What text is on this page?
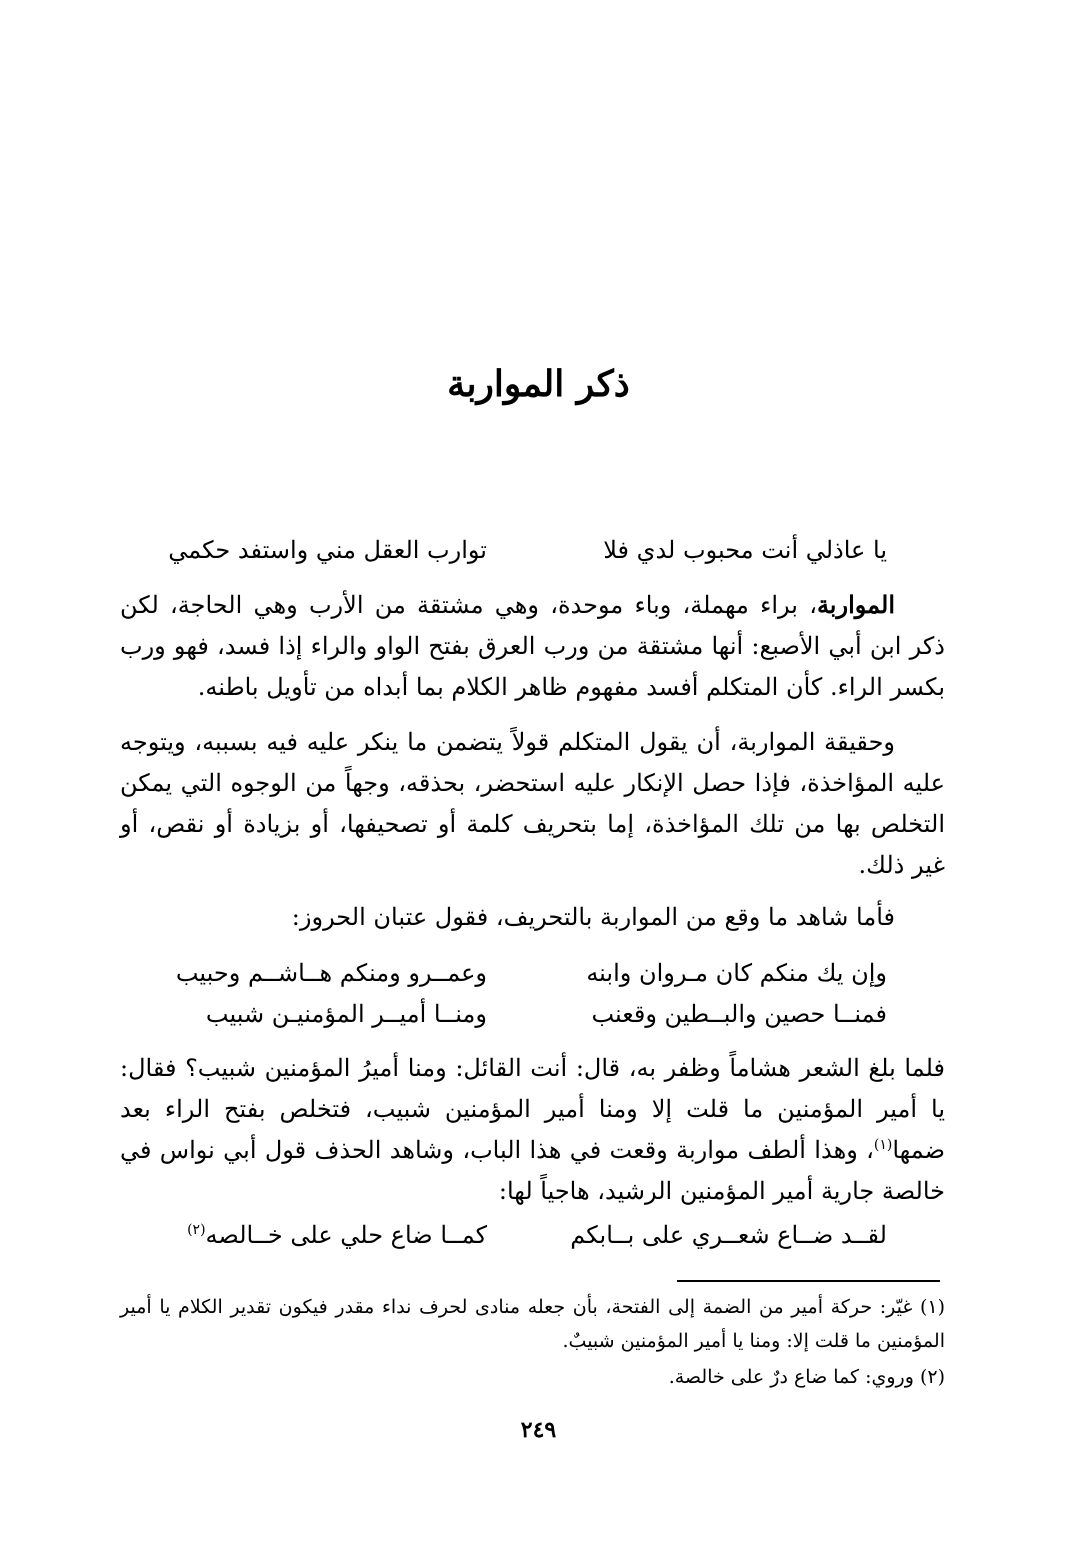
ذكر المواربة
يا عاذلي أنت محبوب لدي فلا
توارب العقل مني واستفد حكمي

المواربة، براء مهملة، وباء موحدة، وهي مشتقة من الأرب وهي الحاجة، لكن ذكر ابن أبي الأصبع: أنها مشتقة من ورب العرق بفتح الواو والراء إذا فسد، فهو ورب بكسر الراء. كأن المتكلم أفسد مفهوم ظاهر الكلام بما أبداه من تأويل باطنه.

وحقيقة المواربة، أن يقول المتكلم قولاً يتضمن ما ينكر عليه فيه بسببه، ويتوجه عليه المؤاخذة، فإذا حصل الإنكار عليه استحضر، بحذقه، وجهاً من الوجوه التي يمكن التخلص بها من تلك المؤاخذة، إما بتحريف كلمة أو تصحيفها، أو بزيادة أو نقص، أو غير ذلك.

فأما شاهد ما وقع من المواربة بالتحريف، فقول عتبان الحروز:

وإن يك منكم كان مـروان وابنه
وعمــرو ومنكم هــاشــم وحبيب
فمنــا حصين والبــطين وقعنب
ومنــا أميــر المؤمنيـن شبيب

فلما بلغ الشعر هشاماً وظفر به، قال: أنت القائل: ومنا أميرُ المؤمنين شبيب؟ فقال: يا أمير المؤمنين ما قلت إلا ومنا أمير المؤمنين شبيب، فتخلص بفتح الراء بعد ضمها$^{(١)}$، وهذا ألطف مواربة وقعت في هذا الباب، وشاهد الحذف قول أبي نواس في خالصة جارية أمير المؤمنين الرشيد، هاجياً لها:

لقــد ضــاع شعــري على بــابكم
كمــا ضاع حلي على خــالصه$^{(٢)}$

(١) غيّر: حركة أمير من الضمة إلى الفتحة، بأن جعله منادى لحرف نداء مقدر فيكون تقدير الكلام يا أمير المؤمنين ما قلت إلا: ومنا يا أمير المؤمنين شبيبٌ.

(٢) وروي: كما ضاع درٌ على خالصة.

٢٤٩
